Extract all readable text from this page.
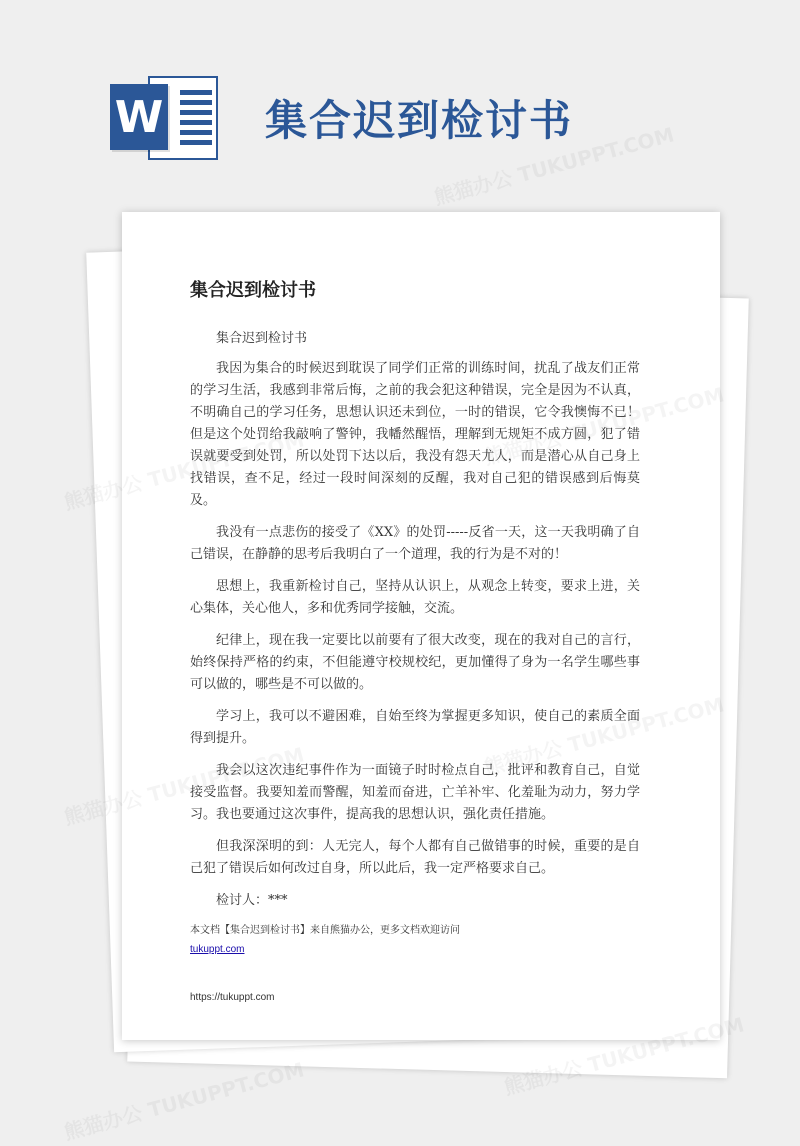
W 集合迟到检讨书
集合迟到检讨书

集合迟到检讨书

我因为集合的时候迟到耽误了同学们正常的训练时间，扰乱了战友们正常的学习生活，我感到非常后悔，之前的我会犯这种错误，完全是因为不认真，不明确自己的学习任务，思想认识还未到位，一时的错误，它令我懊悔不已！但是这个处罚给我敲响了警钟，我幡然醒悟，理解到无规矩不成方圆，犯了错误就要受到处罚，所以处罚下达以后，我没有怨天尤人，而是潜心从自己身上找错误，查不足，经过一段时间深刻的反醒，我对自己犯的错误感到后悔莫及。

我没有一点悲伤的接受了《XX》的处罚-----反省一天，这一天我明确了自己错误，在静静的思考后我明白了一个道理，我的行为是不对的！

思想上，我重新检讨自己，坚持从认识上，从观念上转变，要求上进，关心集体，关心他人，多和优秀同学接触，交流。

纪律上，现在我一定要比以前要有了很大改变，现在的我对自己的言行，始终保持严格的约束，不但能遵守校规校纪，更加懂得了身为一名学生哪些事可以做的，哪些是不可以做的。

学习上，我可以不避困难，自始至终为掌握更多知识，使自己的素质全面得到提升。

我会以这次违纪事件作为一面镜子时时检点自己，批评和教育自己，自觉接受监督。我要知羞而警醒，知羞而奋进，亡羊补牢、化羞耻为动力，努力学习。我也要通过这次事件，提高我的思想认识，强化责任措施。

但我深深明的到：人无完人，每个人都有自己做错事的时候，重要的是自己犯了错误后如何改过自身，所以此后，我一定严格要求自己。

检讨人：***

本文档【集合迟到检讨书】来自熊猫办公，更多文档欢迎访问
tukuppt.com
https://tukuppt.com
